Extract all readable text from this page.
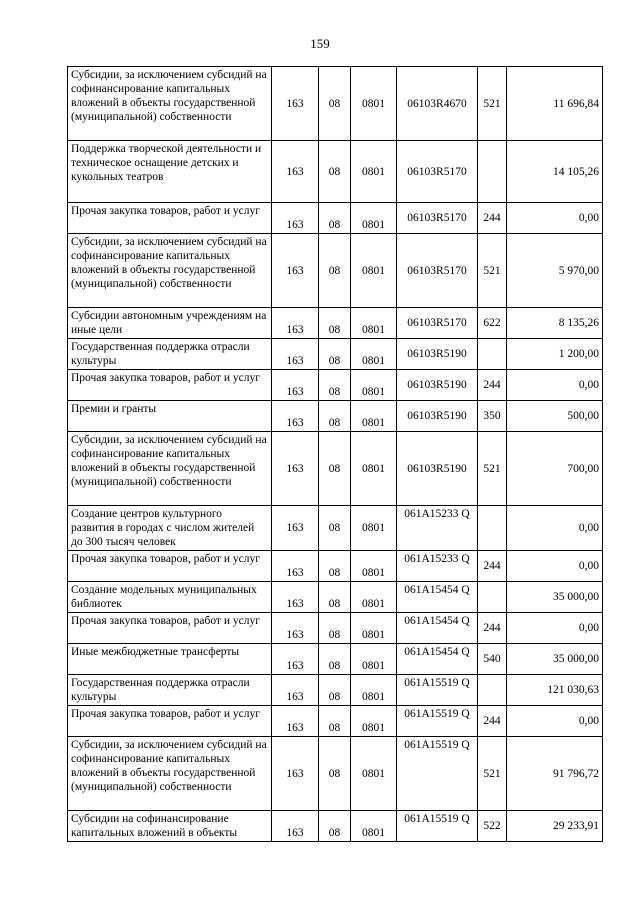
159
Субсидии, за исключением субсидий на софинансирование капитальных вложений в объекты государственной (муниципальной) собственности	163	08	0801	06103R4670	521	11 696,84
Поддержка творческой деятельности и техническое оснащение детских и кукольных театров	163	08	0801	06103R5170		14 105,26
Прочая закупка товаров, работ и услуг	163	08	0801	06103R5170	244	0,00
Субсидии, за исключением субсидий на софинансирование капитальных вложений в объекты государственной (муниципальной) собственности	163	08	0801	06103R5170	521	5 970,00
Субсидии автономным учреждениям на иные цели	163	08	0801	06103R5170	622	8 135,26
Государственная поддержка отрасли культуры	163	08	0801	06103R5190		1 200,00
Прочая закупка товаров, работ и услуг	163	08	0801	06103R5190	244	0,00
Премии и гранты	163	08	0801	06103R5190	350	500,00
Субсидии, за исключением субсидий на софинансирование капитальных вложений в объекты государственной (муниципальной) собственности	163	08	0801	06103R5190	521	700,00
Создание центров культурного развития в городах с числом жителей до 300 тысяч человек	163	08	0801	061A15233 Q		0,00
Прочая закупка товаров, работ и услуг	163	08	0801	061A15233 Q	244	0,00
Создание модельных муниципальных библиотек	163	08	0801	061A15454 Q		35 000,00
Прочая закупка товаров, работ и услуг	163	08	0801	061A15454 Q	244	0,00
Иные межбюджетные трансферты	163	08	0801	061A15454 Q	540	35 000,00
Государственная поддержка отрасли культуры	163	08	0801	061A15519 Q		121 030,63
Прочая закупка товаров, работ и услуг	163	08	0801	061A15519 Q	244	0,00
Субсидии, за исключением субсидий на софинансирование капитальных вложений в объекты государственной (муниципальной) собственности	163	08	0801	061A15519 Q	521	91 796,72
Субсидии на софинансирование капитальных вложений в объекты	163	08	0801	061A15519 Q	522	29 233,91
